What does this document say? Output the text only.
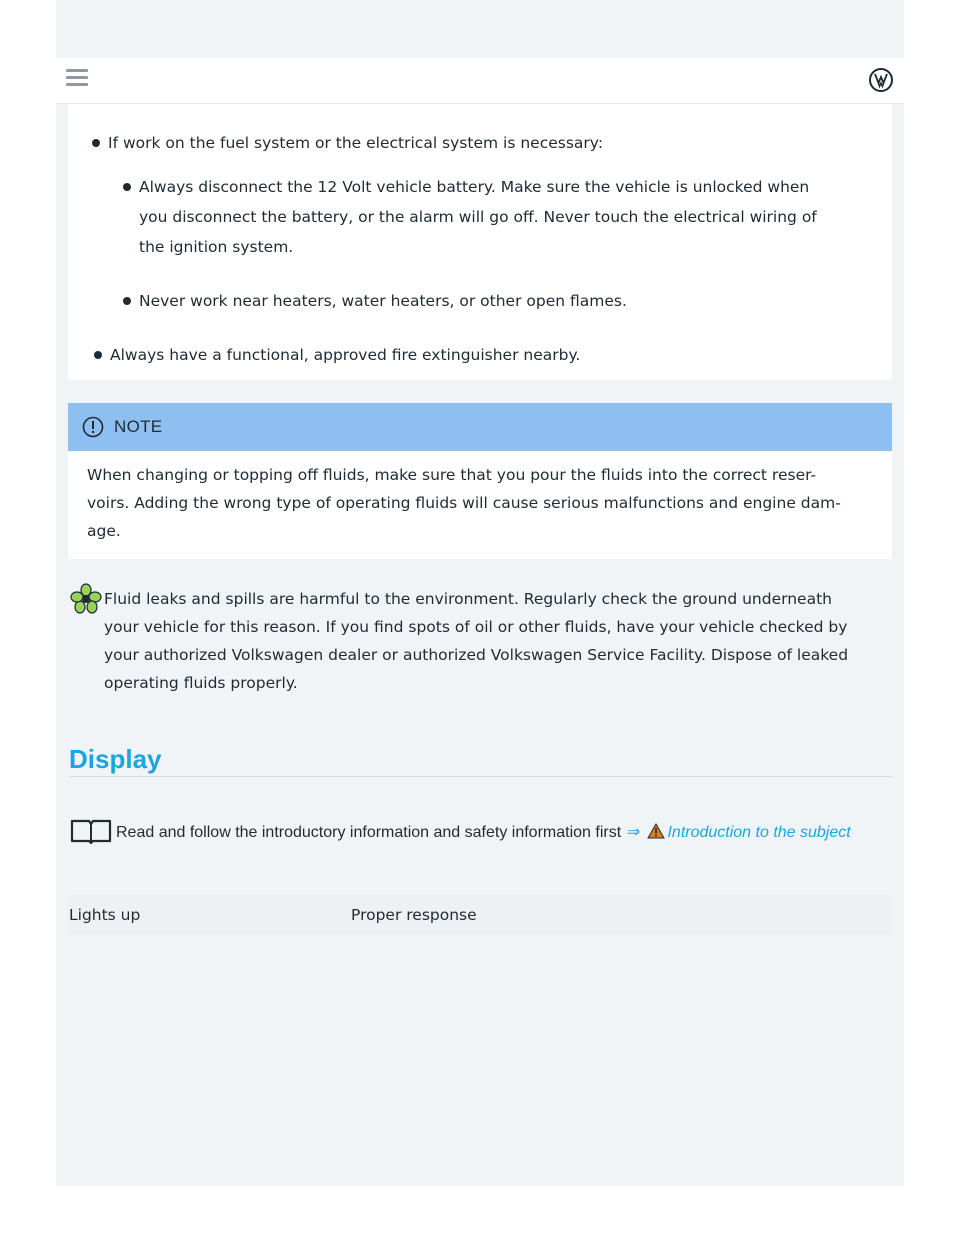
If work on the fuel system or the electrical system is necessary:
Always disconnect the 12 Volt vehicle battery. Make sure the vehicle is unlocked when
you disconnect the battery, or the alarm will go off. Never touch the electrical wiring of
the ignition system.
Never work near heaters, water heaters, or other open flames.
Always have a functional, approved fire extinguisher nearby.
NOTE
When changing or topping off fluids, make sure that you pour the fluids into the correct reser-
voirs. Adding the wrong type of operating fluids will cause serious malfunctions and engine dam-
age.
Fluid leaks and spills are harmful to the environment. Regularly check the ground underneath
your vehicle for this reason. If you find spots of oil or other fluids, have your vehicle checked by
your authorized Volkswagen dealer or authorized Volkswagen Service Facility. Dispose of leaked
operating fluids properly.
Display
Read and follow the introductory information and safety information first ⇒ Introduction to the subject
Lights up	Proper response
